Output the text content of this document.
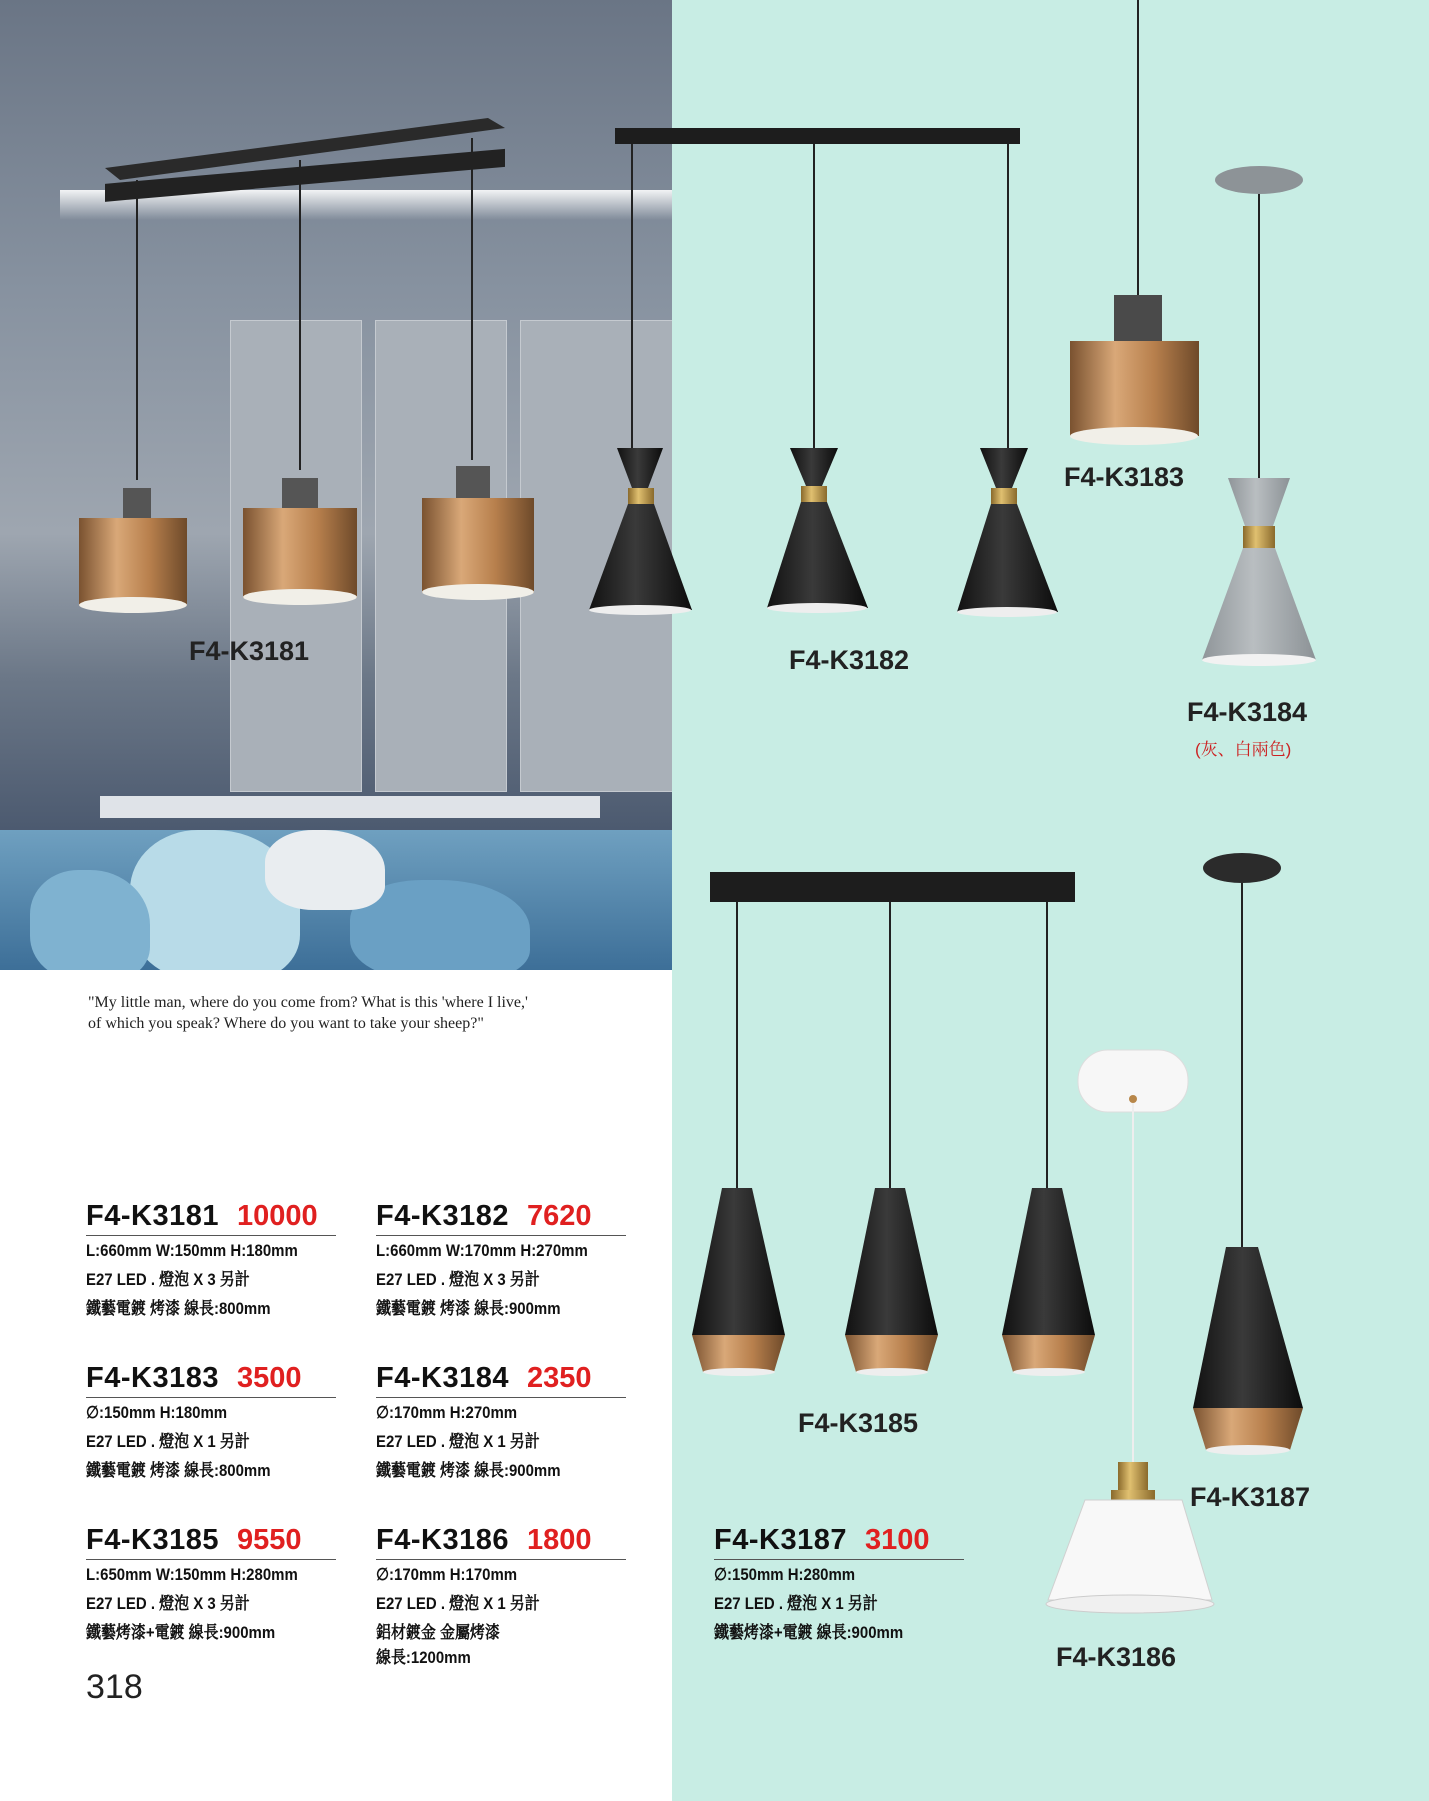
F4-K3181	F4-K3182
F4-K3183
F4-K3184
(灰、白兩色)
F4-K3185
F4-K3187
F4-K3186
"My little man, where do you come from? What is this 'where I live,'
of which you speak? Where do you want to take your sheep?"
F4-K3181 10000
L:660mm W:150mm H:180mm
E27 LED . 燈泡 X 3 另計
鐵藝電鍍 烤漆 線長:800mm
F4-K3182 7620
L:660mm W:170mm H:270mm
E27 LED . 燈泡 X 3 另計
鐵藝電鍍 烤漆 線長:900mm
F4-K3183 3500
∅:150mm H:180mm
E27 LED . 燈泡 X 1 另計
鐵藝電鍍 烤漆 線長:800mm
F4-K3184 2350
∅:170mm H:270mm
E27 LED . 燈泡 X 1 另計
鐵藝電鍍 烤漆 線長:900mm
F4-K3185 9550
L:650mm W:150mm H:280mm
E27 LED . 燈泡 X 3 另計
鐵藝烤漆+電鍍 線長:900mm
F4-K3186 1800
∅:170mm H:170mm
E27 LED . 燈泡 X 1 另計
鋁材鍍金 金屬烤漆
線長:1200mm
F4-K3187 3100
∅:150mm H:280mm
E27 LED . 燈泡 X 1 另計
鐵藝烤漆+電鍍 線長:900mm
318
